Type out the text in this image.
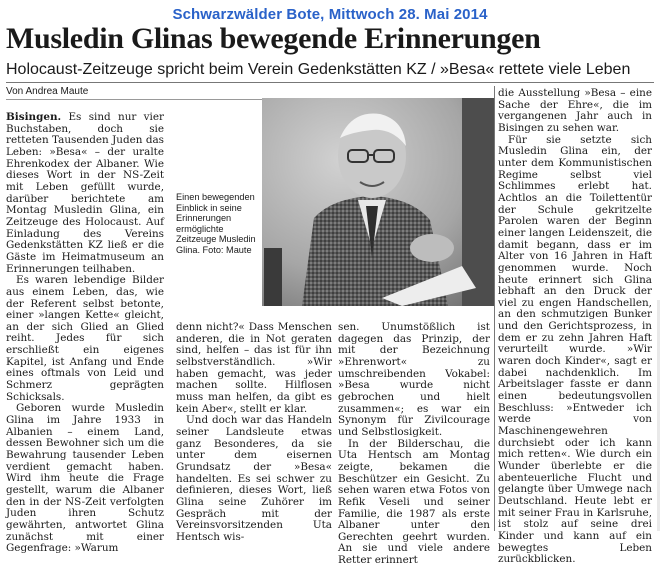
Schwarzwälder Bote, Mittwoch 28. Mai 2014
Musledin Glinas bewegende Erinnerungen
Holocaust-Zeitzeuge spricht beim Verein Gedenkstätten KZ / »Besa« rettete viele Leben
Von Andrea Maute

Bisingen. Es sind nur vier Buchstaben, doch sie retteten Tausenden Juden das Leben: »Besa« – der uralte Ehrenkodex der Albaner. Wie dieses Wort in der NS-Zeit mit Leben gefüllt wurde, darüber berichtete am Montag Musledin Glina, ein Zeitzeuge des Holocaust. Auf Einladung des Vereins Gedenkstätten KZ ließ er die Gäste im Heimatmuseum an Erinnerungen teilhaben.

Es waren lebendige Bilder aus einem Leben, das, wie der Referent selbst betonte, einer »langen Kette« gleicht, an der sich Glied an Glied reiht. Jedes für sich erschließt ein eigenes Kapitel, ist Anfang und Ende eines oftmals von Leid und Schmerz geprägten Schicksals.

Geboren wurde Musledin Glina im Jahre 1933 in Albanien – einem Land, dessen Bewohner sich um die Bewahrung tausender Leben verdient gemacht haben. Wird ihm heute die Frage gestellt, warum die Albaner den in der NS-Zeit verfolgten Juden ihren Schutz gewährten, antwortet Glina zunächst mit einer Gegenfrage: »Warum

Einen bewegenden Einblick in seine Erinnerungen ermöglichte Zeitzeuge Musledin Glina. Foto: Maute

denn nicht?« Dass Menschen anderen, die in Not geraten sind, helfen – das ist für ihn selbstverständlich. »Wir haben gemacht, was jeder machen sollte. Hilflosen muss man helfen, da gibt es kein Aber«, stellt er klar.

Und doch war das Handeln seiner Landsleute etwas ganz Besonderes, da sie unter dem eisernen Grundsatz der »Besa« handelten. Es sei schwer zu definieren, dieses Wort, ließ Glina seine Zuhörer im Gespräch mit der Vereinsvorsitzenden Uta Hentsch wis-

sen. Unumstößlich ist dagegen das Prinzip, der mit der Bezeichnung »Ehrenwort« zu umschreibenden Vokabel: »Besa wurde nicht gebrochen und hielt zusammen«; es war ein Synonym für Zivilcourage und Selbstlosigkeit.

In der Bilderschau, die Uta Hentsch am Montag zeigte, bekamen die Beschützer ein Gesicht. Zu sehen waren etwa Fotos von Refik Veseli und seiner Familie, die 1987 als erste Albaner unter den Gerechten geehrt wurden. An sie und viele andere Retter erinnert

die Ausstellung »Besa – eine Sache der Ehre«, die im vergangenen Jahr auch in Bisingen zu sehen war.

Für sie setzte sich Musledin Glina ein, der unter dem Kommunistischen Regime selbst viel Schlimmes erlebt hat. Achtlos an die Toilettentür der Schule gekritzelte Parolen waren der Beginn einer langen Leidenszeit, die damit begann, dass er im Alter von 16 Jahren in Haft genommen wurde. Noch heute erinnert sich Glina lebhaft an den Druck der viel zu engen Handschellen, an den schmutzigen Bunker und den Gerichtsprozess, in dem er zu zehn Jahren Haft verurteilt wurde. »Wir waren doch Kinder«, sagt er dabei nachdenklich. Im Arbeitslager fasste er dann einen bedeutungsvollen Beschluss: »Entweder ich werde von Maschinengewehren durchsiebt oder ich kann mich retten«. Wie durch ein Wunder überlebte er die abenteuerliche Flucht und gelangte über Umwege nach Deutschland. Heute lebt er mit seiner Frau in Karlsruhe, ist stolz auf seine drei Kinder und kann auf ein bewegtes Leben zurückblicken.
